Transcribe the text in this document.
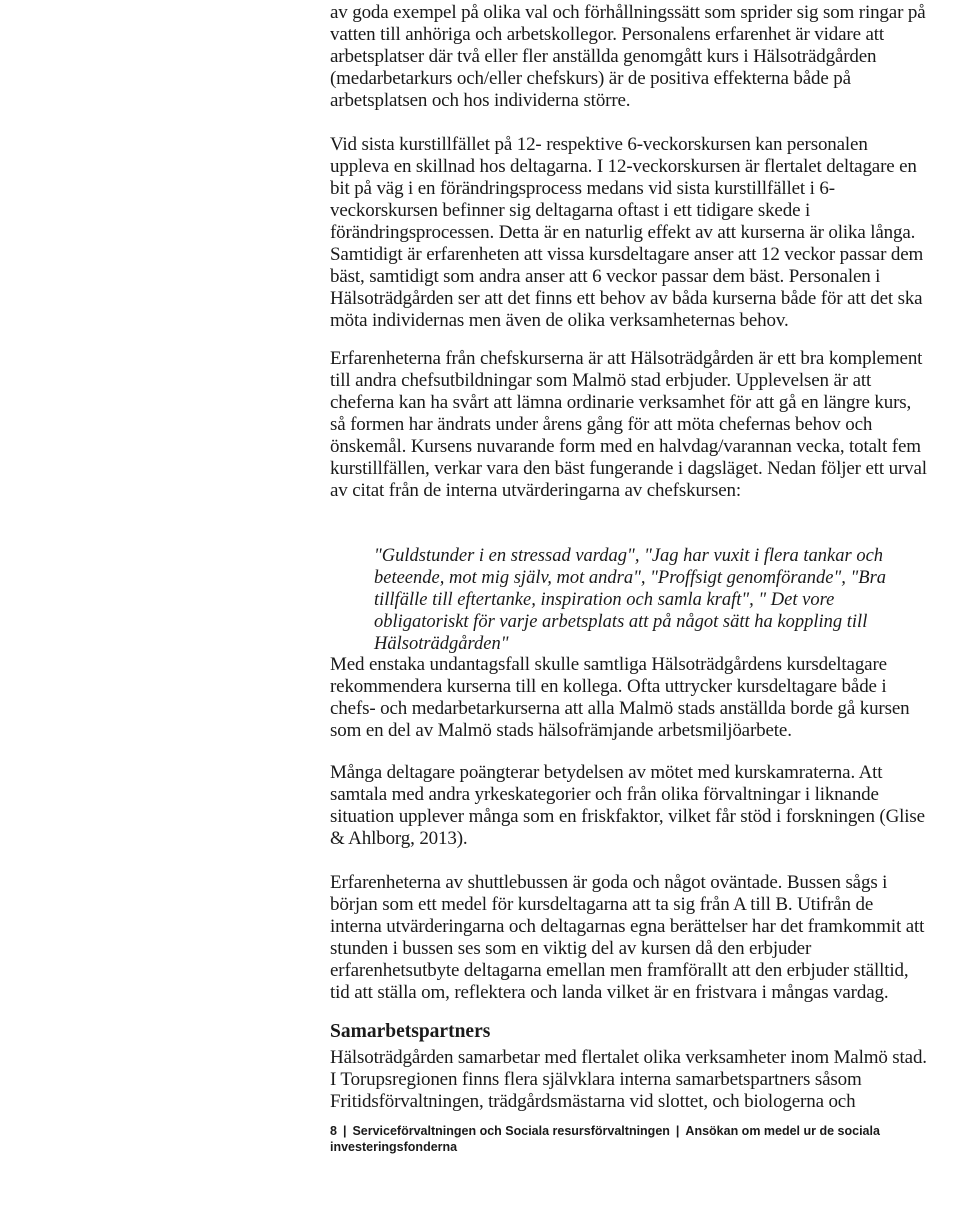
av goda exempel på olika val och förhållningssätt som sprider sig som ringar på vatten till anhöriga och arbetskollegor. Personalens erfarenhet är vidare att arbetsplatser där två eller fler anställda genomgått kurs i Hälsoträdgården (medarbetarkurs och/eller chefskurs) är de positiva effekterna både på arbetsplatsen och hos individerna större.

Vid sista kurstillfället på 12- respektive 6-veckorskursen kan personalen uppleva en skillnad hos deltagarna. I 12-veckorskursen är flertalet deltagare en bit på väg i en förändringsprocess medans vid sista kurstillfället i 6-veckorskursen befinner sig deltagarna oftast i ett tidigare skede i förändringsprocessen. Detta är en naturlig effekt av att kurserna är olika långa. Samtidigt är erfarenheten att vissa kursdeltagare anser att 12 veckor passar dem bäst, samtidigt som andra anser att 6 veckor passar dem bäst. Personalen i Hälsoträdgården ser att det finns ett behov av båda kurserna både för att det ska möta individernas men även de olika verksamheternas behov.

Erfarenheterna från chefskurserna är att Hälsoträdgården är ett bra komplement till andra chefsutbildningar som Malmö stad erbjuder. Upplevelsen är att cheferna kan ha svårt att lämna ordinarie verksamhet för att gå en längre kurs, så formen har ändrats under årens gång för att möta chefernas behov och önskemål. Kursens nuvarande form med en halvdag/varannan vecka, totalt fem kurstillfällen, verkar vara den bäst fungerande i dagsläget. Nedan följer ett urval av citat från de interna utvärderingarna av chefskursen:

"Guldstunder i en stressad vardag", "Jag har vuxit i flera tankar och beteende, mot mig själv, mot andra", "Proffsigt genomförande", "Bra tillfälle till eftertanke, inspiration och samla kraft", " Det vore obligatoriskt för varje arbetsplats att på något sätt ha koppling till Hälsoträdgården"

Med enstaka undantagsfall skulle samtliga Hälsoträdgårdens kursdeltagare rekommendera kurserna till en kollega. Ofta uttrycker kursdeltagare både i chefs- och medarbetarkurserna att alla Malmö stads anställda borde gå kursen som en del av Malmö stads hälsofrämjande arbetsmiljöarbete.

Många deltagare poängterar betydelsen av mötet med kurskamraterna. Att samtala med andra yrkeskategorier och från olika förvaltningar i liknande situation upplever många som en friskfaktor, vilket får stöd i forskningen (Glise & Ahlborg, 2013).

Erfarenheterna av shuttlebussen är goda och något oväntade. Bussen sågs i början som ett medel för kursdeltagarna att ta sig från A till B. Utifrån de interna utvärderingarna och deltagarnas egna berättelser har det framkommit att stunden i bussen ses som en viktig del av kursen då den erbjuder erfarenhetsutbyte deltagarna emellan men framförallt att den erbjuder ställtid, tid att ställa om, reflektera och landa vilket är en fristvara i mångas vardag.

Samarbetspartners

Hälsoträdgården samarbetar med flertalet olika verksamheter inom Malmö stad. I Torupsregionen finns flera självklara interna samarbetspartners såsom Fritidsförvaltningen, trädgårdsmästarna vid slottet, och biologerna och

8 | Serviceförvaltningen och Sociala resursförvaltningen | Ansökan om medel ur de sociala investeringsfonderna
